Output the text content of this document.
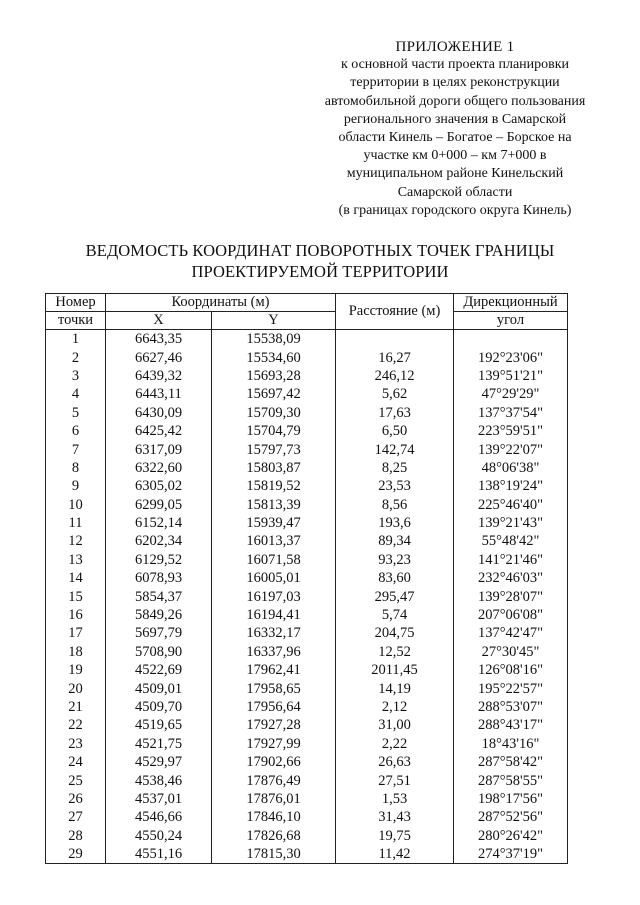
ПРИЛОЖЕНИЕ 1
к основной части проекта планировки
территории в целях реконструкции
автомобильной дороги общего пользования
регионального значения в Самарской
области Кинель – Богатое – Борское на
участке км 0+000 – км 7+000 в
муниципальном районе Кинельский
Самарской области
(в границах городского округа Кинель)
ВЕДОМОСТЬ КООРДИНАТ ПОВОРОТНЫХ ТОЧЕК ГРАНИЦЫ
ПРОЕКТИРУЕМОЙ ТЕРРИТОРИИ
Номер	Координаты (м)		Расстояние (м)	Дирекционный
точки	X	Y		угол
1	6643,35	15538,09		
2	6627,46	15534,60	16,27	192°23'06"
3	6439,32	15693,28	246,12	139°51'21"
4	6443,11	15697,42	5,62	47°29'29"
5	6430,09	15709,30	17,63	137°37'54"
6	6425,42	15704,79	6,50	223°59'51"
7	6317,09	15797,73	142,74	139°22'07"
8	6322,60	15803,87	8,25	48°06'38"
9	6305,02	15819,52	23,53	138°19'24"
10	6299,05	15813,39	8,56	225°46'40"
11	6152,14	15939,47	193,6	139°21'43"
12	6202,34	16013,37	89,34	55°48'42"
13	6129,52	16071,58	93,23	141°21'46"
14	6078,93	16005,01	83,60	232°46'03"
15	5854,37	16197,03	295,47	139°28'07"
16	5849,26	16194,41	5,74	207°06'08"
17	5697,79	16332,17	204,75	137°42'47"
18	5708,90	16337,96	12,52	27°30'45"
19	4522,69	17962,41	2011,45	126°08'16"
20	4509,01	17958,65	14,19	195°22'57"
21	4509,70	17956,64	2,12	288°53'07"
22	4519,65	17927,28	31,00	288°43'17"
23	4521,75	17927,99	2,22	18°43'16"
24	4529,97	17902,66	26,63	287°58'42"
25	4538,46	17876,49	27,51	287°58'55"
26	4537,01	17876,01	1,53	198°17'56"
27	4546,66	17846,10	31,43	287°52'56"
28	4550,24	17826,68	19,75	280°26'42"
29	4551,16	17815,30	11,42	274°37'19"
